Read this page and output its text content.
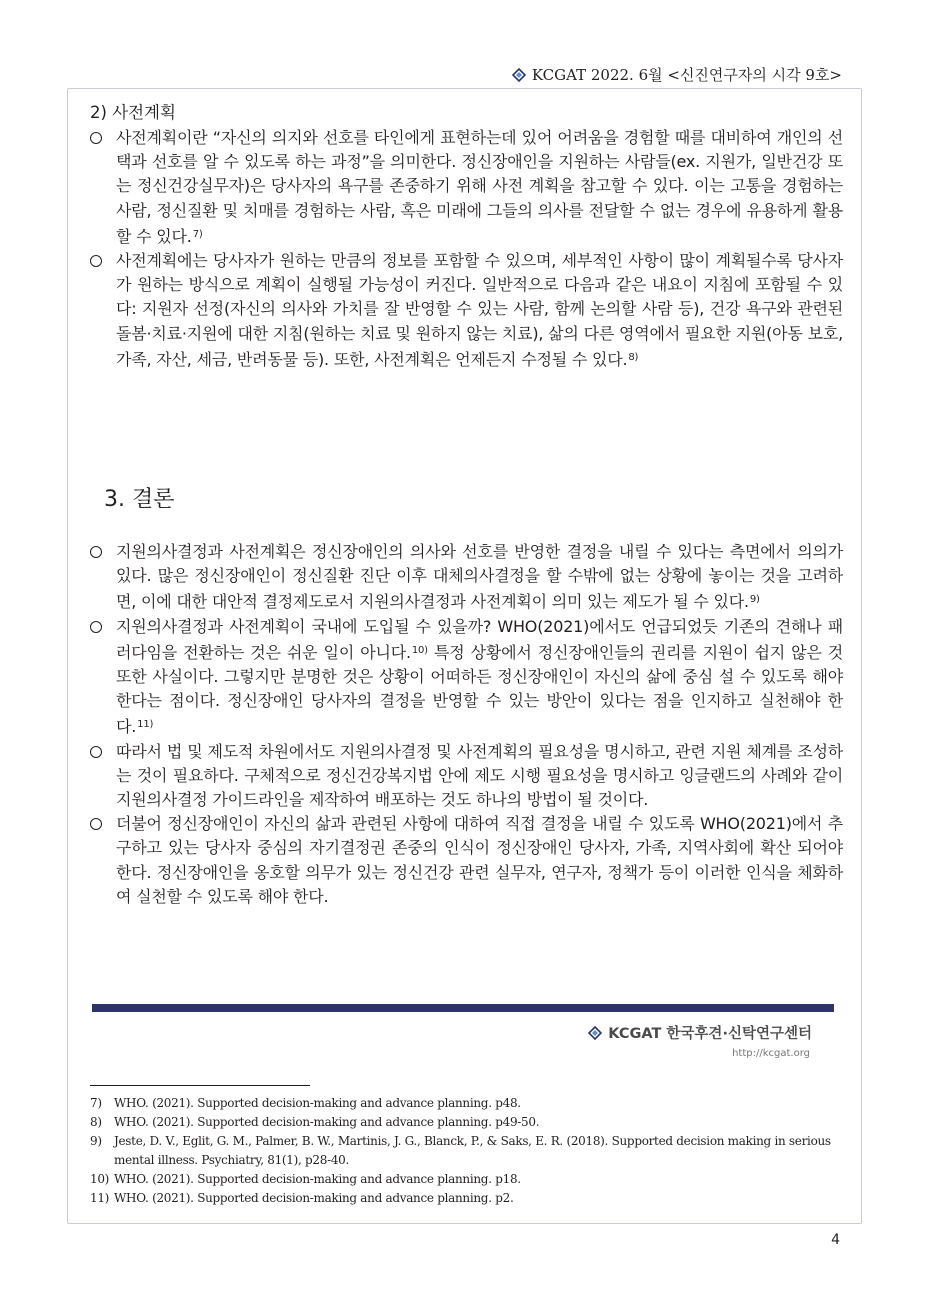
KCGAT 2022. 6월 <신진연구자의 시각 9호>

2) 사전계획

사전계획이란 “자신의 의지와 선호를 타인에게 표현하는데 있어 어려움을 경험할 때를 대비하여 개인의 선택과 선호를 알 수 있도록 하는 과정”을 의미한다. 정신장애인을 지원하는 사람들(ex. 지원가, 일반건강 또는 정신건강실무자)은 당사자의 욕구를 존중하기 위해 사전 계획을 참고할 수 있다. 이는 고통을 경험하는 사람, 정신질환 및 치매를 경험하는 사람, 혹은 미래에 그들의 의사를 전달할 수 없는 경우에 유용하게 활용할 수 있다.$^{7)}$
사전계획에는 당사자가 원하는 만큼의 정보를 포함할 수 있으며, 세부적인 사항이 많이 계획될수록 당사자가 원하는 방식으로 계획이 실행될 가능성이 커진다. 일반적으로 다음과 같은 내요이 지침에 포함될 수 있다: 지원자 선정(자신의 의사와 가치를 잘 반영할 수 있는 사람, 함께 논의할 사람 등), 건강 욕구와 관련된 돌봄·치료·지원에 대한 지침(원하는 치료 및 원하지 않는 치료), 삶의 다른 영역에서 필요한 지원(아동 보호, 가족, 자산, 세금, 반려동물 등). 또한, 사전계획은 언제든지 수정될 수 있다.$^{8)}$
3. 결론
지원의사결정과 사전계획은 정신장애인의 의사와 선호를 반영한 결정을 내릴 수 있다는 측면에서 의의가 있다. 많은 정신장애인이 정신질환 진단 이후 대체의사결정을 할 수밖에 없는 상황에 놓이는 것을 고려하면, 이에 대한 대안적 결정제도로서 지원의사결정과 사전계획이 의미 있는 제도가 될 수 있다.$^{9)}$
지원의사결정과 사전계획이 국내에 도입될 수 있을까? WHO(2021)에서도 언급되었듯 기존의 견해나 패러다임을 전환하는 것은 쉬운 일이 아니다.$^{10)}$ 특정 상황에서 정신장애인들의 권리를 지원이 쉽지 않은 것 또한 사실이다. 그렇지만 분명한 것은 상황이 어떠하든 정신장애인이 자신의 삶에 중심 설 수 있도록 해야 한다는 점이다. 정신장애인 당사자의 결정을 반영할 수 있는 방안이 있다는 점을 인지하고 실천해야 한다.$^{11)}$
따라서 법 및 제도적 차원에서도 지원의사결정 및 사전계획의 필요성을 명시하고, 관련 지원 체계를 조성하는 것이 필요하다. 구체적으로 정신건강복지법 안에 제도 시행 필요성을 명시하고 잉글랜드의 사례와 같이 지원의사결정 가이드라인을 제작하여 배포하는 것도 하나의 방법이 될 것이다.
더불어 정신장애인이 자신의 삶과 관련된 사항에 대하여 직접 결정을 내릴 수 있도록 WHO(2021)에서 추구하고 있는 당사자 중심의 자기결정권 존중의 인식이 정신장애인 당사자, 가족, 지역사회에 확산 되어야 한다. 정신장애인을 옹호할 의무가 있는 정신건강 관련 실무자, 연구자, 정책가 등이 이러한 인식을 체화하여 실천할 수 있도록 해야 한다.
KCGAT 한국후견·신탁연구센터
http://kcgat.org
7)	WHO. (2021). Supported decision-making and advance planning. p48.
8)	WHO. (2021). Supported decision-making and advance planning. p49-50.
9)	Jeste, D. V., Eglit, G. M., Palmer, B. W., Martinis, J. G., Blanck, P., & Saks, E. R. (2018). Supported decision making in serious mental illness. Psychiatry, 81(1), p28-40.
10) WHO. (2021). Supported decision-making and advance planning. p18.
11) WHO. (2021). Supported decision-making and advance planning. p2.
4
